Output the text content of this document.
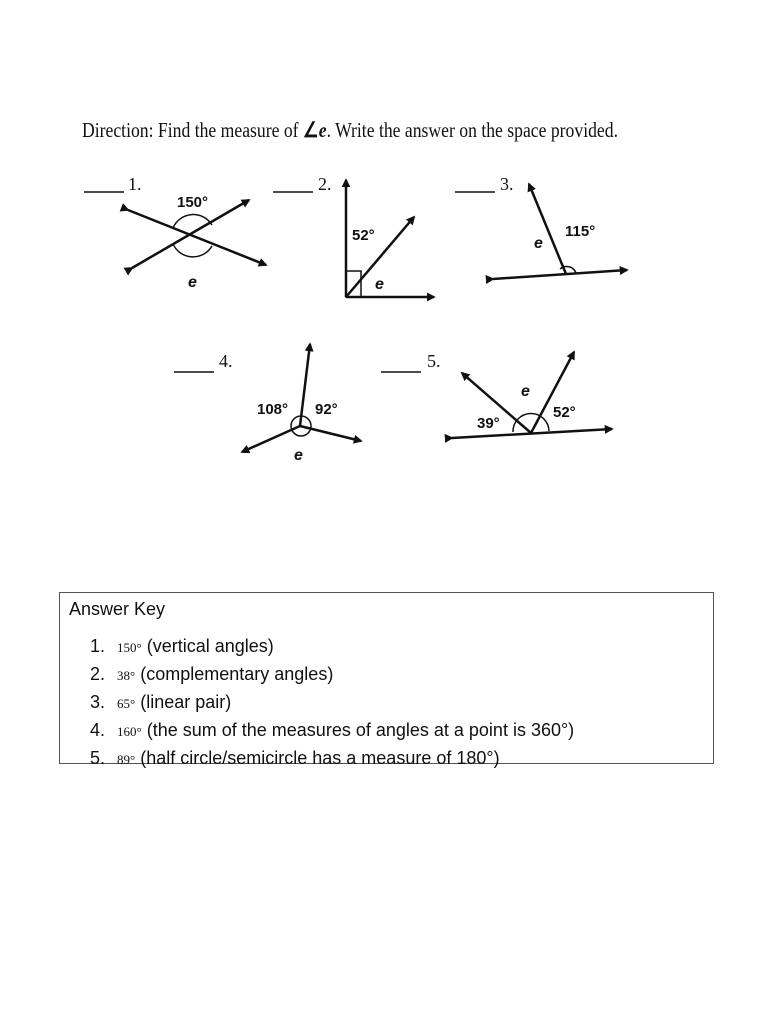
Direction: Find the measure of ∠e. Write the answer on the space provided.
1.
150°
e
2.
52°
e
3.
115°
e
4.
108° 92°
e
5.
39°
52°
e
Answer Key
1. 150° (vertical angles)
2. 38° (complementary angles)
3. 65° (linear pair)
4. 160° (the sum of the measures of angles at a point is 360°)
5. 89° (half circle/semicircle has a measure of 180°)
